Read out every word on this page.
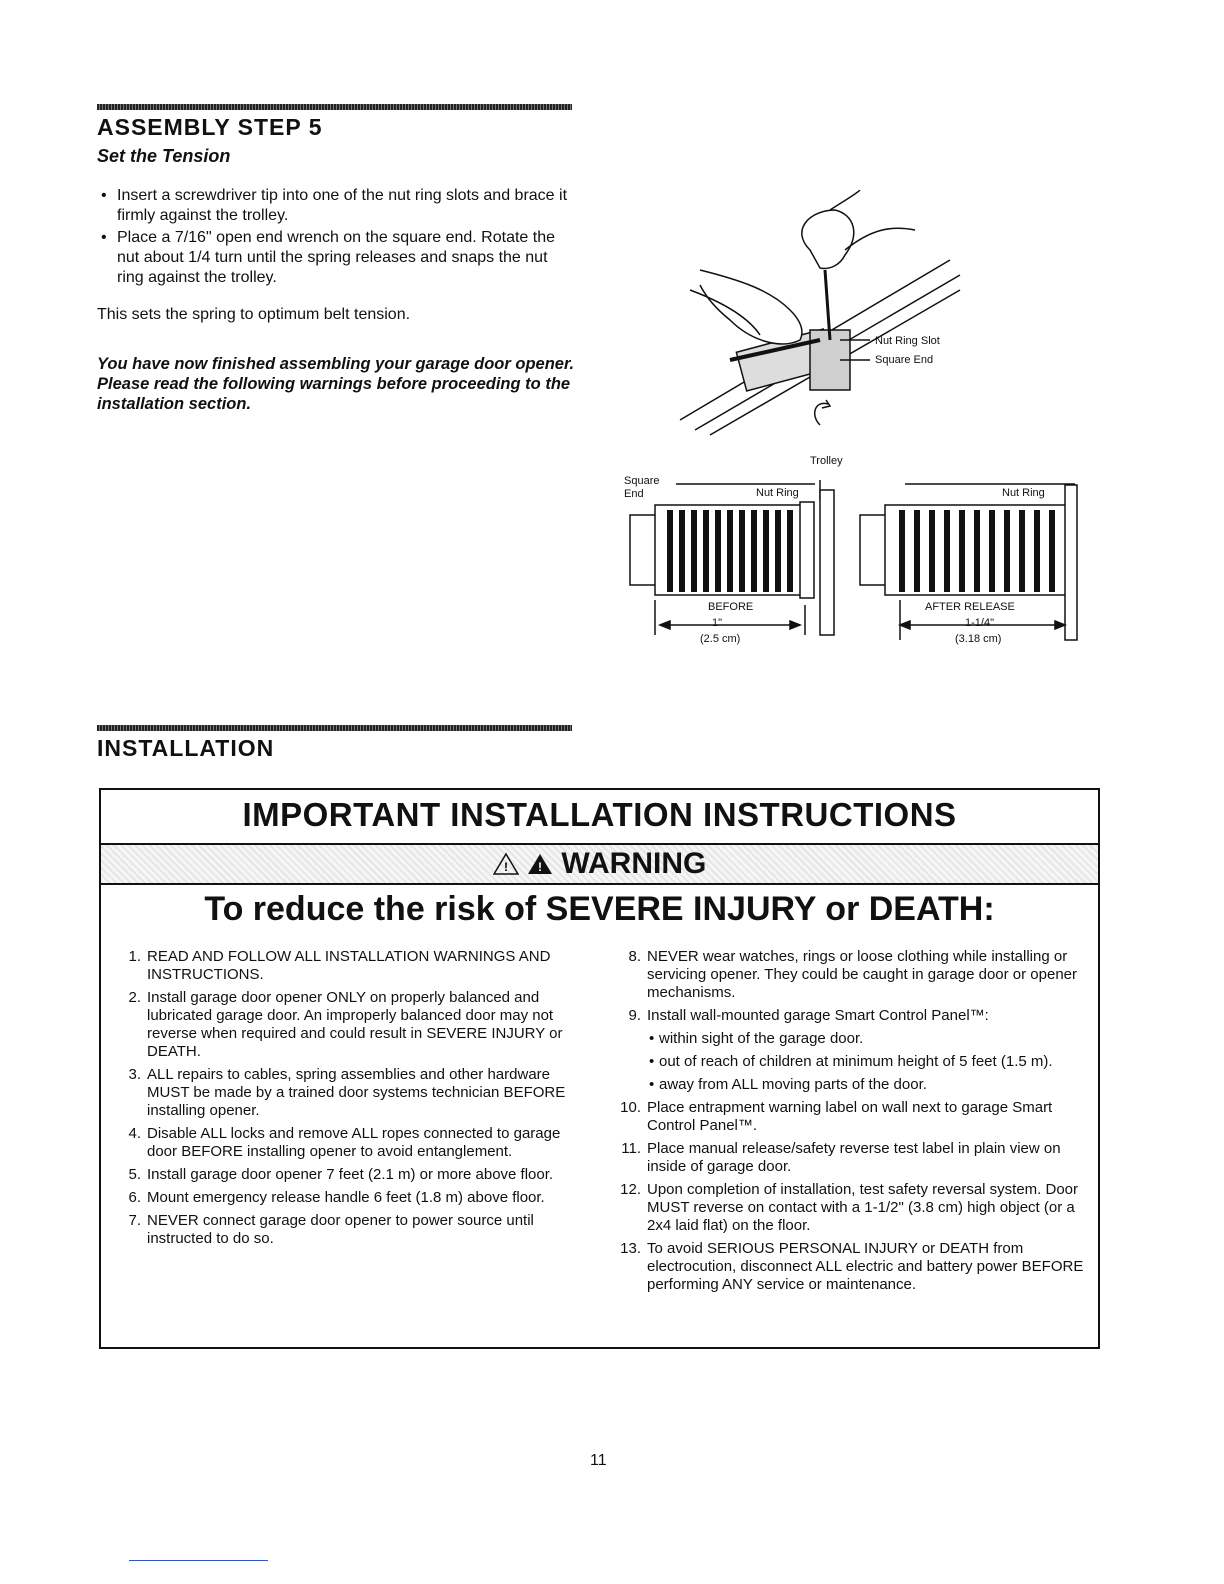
ASSEMBLY STEP 5
Set the Tension
• Insert a screwdriver tip into one of the nut ring slots and brace it firmly against the trolley.
• Place a 7/16" open end wrench on the square end. Rotate the nut about 1/4 turn until the spring releases and snaps the nut ring against the trolley.
This sets the spring to optimum belt tension.
You have now finished assembling your garage door opener. Please read the following warnings before proceeding to the installation section.
Nut Ring Slot
Square End
Trolley
Square End	Nut Ring	Nut Ring
BEFORE
1"
(2.5 cm)
AFTER RELEASE
1-1/4"
(3.18 cm)
INSTALLATION
IMPORTANT INSTALLATION INSTRUCTIONS
!
	! WARNING
To reduce the risk of SEVERE INJURY or DEATH:
1. READ AND FOLLOW ALL INSTALLATION WARNINGS AND INSTRUCTIONS.
2. Install garage door opener ONLY on properly balanced and lubricated garage door. An improperly balanced door may not reverse when required and could result in SEVERE INJURY or DEATH.
3. ALL repairs to cables, spring assemblies and other hardware MUST be made by a trained door systems technician BEFORE installing opener.
4. Disable ALL locks and remove ALL ropes connected to garage door BEFORE installing opener to avoid entanglement.
5. Install garage door opener 7 feet (2.1 m) or more above floor.
6. Mount emergency release handle 6 feet (1.8 m) above floor.
7. NEVER connect garage door opener to power source until instructed to do so.
8. NEVER wear watches, rings or loose clothing while installing or servicing opener. They could be caught in garage door or opener mechanisms.
9. Install wall-mounted garage Smart Control Panel™:
• within sight of the garage door.
• out of reach of children at minimum height of 5 feet (1.5 m).
• away from ALL moving parts of the door.
10. Place entrapment warning label on wall next to garage Smart Control Panel™.
11. Place manual release/safety reverse test label in plain view on inside of garage door.
12. Upon completion of installation, test safety reversal system. Door MUST reverse on contact with a 1-1/2" (3.8 cm) high object (or a 2x4 laid flat) on the floor.
13. To avoid SERIOUS PERSONAL INJURY or DEATH from electrocution, disconnect ALL electric and battery power BEFORE performing ANY service or maintenance.
11
